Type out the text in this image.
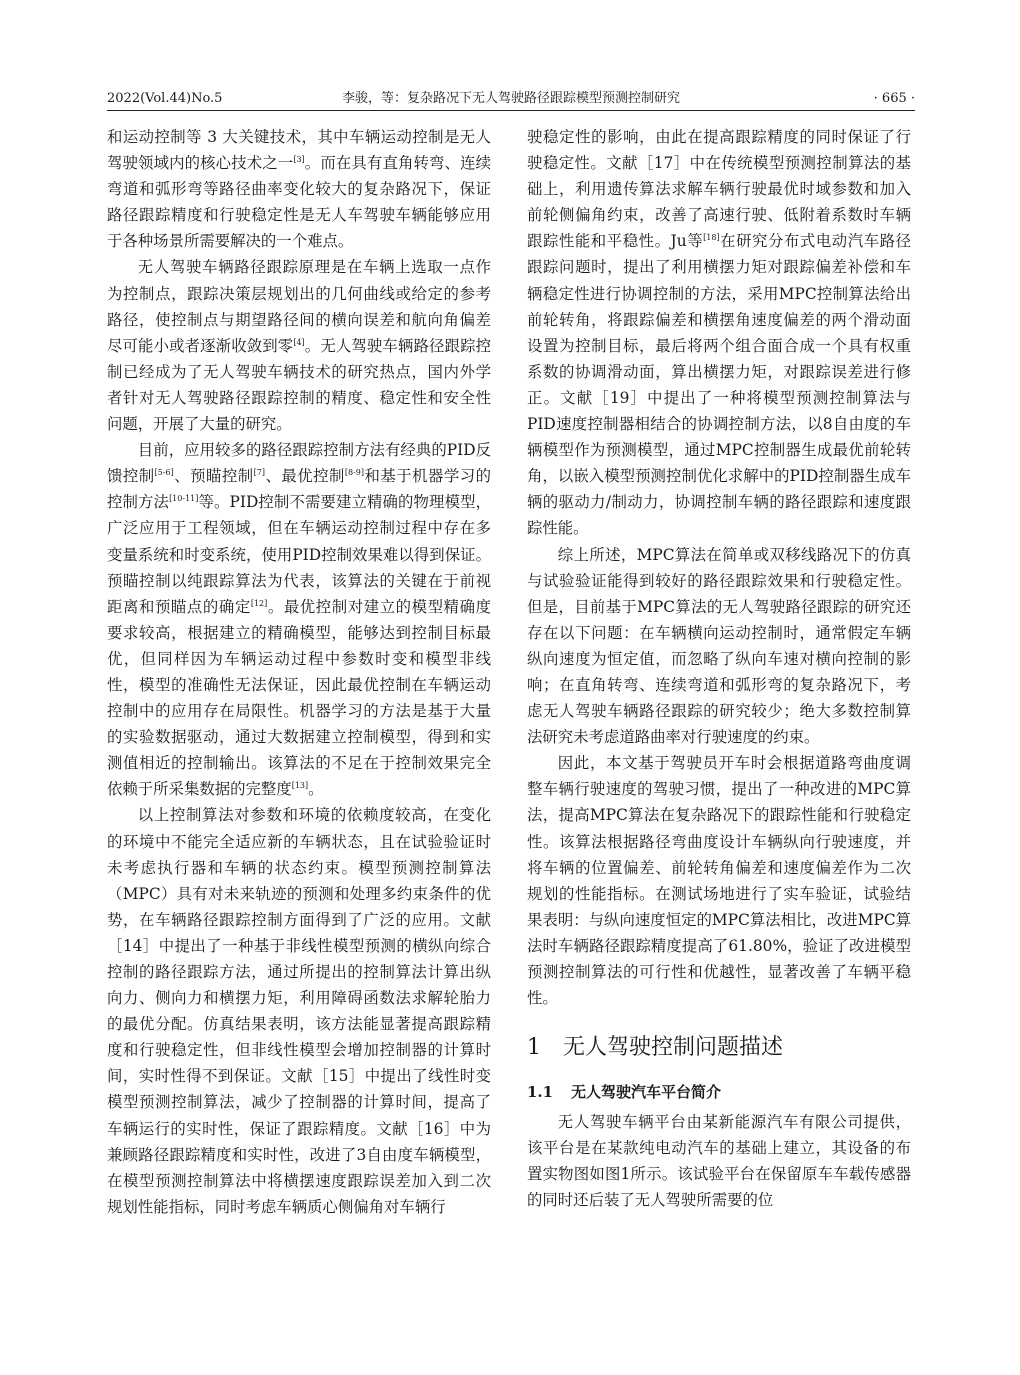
2022(Vol.44)No.5	李骏，等：复杂路况下无人驾驶路径跟踪模型预测控制研究	· 665 ·

和运动控制等 3 大关键技术，其中车辆运动控制是无人驾驶领域内的核心技术之一[3]。而在具有直角转弯、连续弯道和弧形弯等路径曲率变化较大的复杂路况下，保证路径跟踪精度和行驶稳定性是无人车驾驶车辆能够应用于各种场景所需要解决的一个难点。

无人驾驶车辆路径跟踪原理是在车辆上选取一点作为控制点，跟踪决策层规划出的几何曲线或给定的参考路径，使控制点与期望路径间的横向误差和航向角偏差尽可能小或者逐渐收敛到零[4]。无人驾驶车辆路径跟踪控制已经成为了无人驾驶车辆技术的研究热点，国内外学者针对无人驾驶路径跟踪控制的精度、稳定性和安全性问题，开展了大量的研究。

目前，应用较多的路径跟踪控制方法有经典的PID反馈控制[5-6]、预瞄控制[7]、最优控制[8-9]和基于机器学习的控制方法[10-11]等。PID控制不需要建立精确的物理模型，广泛应用于工程领域，但在车辆运动控制过程中存在多变量系统和时变系统，使用PID控制效果难以得到保证。预瞄控制以纯跟踪算法为代表，该算法的关键在于前视距离和预瞄点的确定[12]。最优控制对建立的模型精确度要求较高，根据建立的精确模型，能够达到控制目标最优，但同样因为车辆运动过程中参数时变和模型非线性，模型的准确性无法保证，因此最优控制在车辆运动控制中的应用存在局限性。机器学习的方法是基于大量的实验数据驱动，通过大数据建立控制模型，得到和实测值相近的控制输出。该算法的不足在于控制效果完全依赖于所采集数据的完整度[13]。

以上控制算法对参数和环境的依赖度较高，在变化的环境中不能完全适应新的车辆状态，且在试验验证时未考虑执行器和车辆的状态约束。模型预测控制算法（MPC）具有对未来轨迹的预测和处理多约束条件的优势，在车辆路径跟踪控制方面得到了广泛的应用。文献［14］中提出了一种基于非线性模型预测的横纵向综合控制的路径跟踪方法，通过所提出的控制算法计算出纵向力、侧向力和横摆力矩，利用障碍函数法求解轮胎力的最优分配。仿真结果表明，该方法能显著提高跟踪精度和行驶稳定性，但非线性模型会增加控制器的计算时间，实时性得不到保证。文献［15］中提出了线性时变模型预测控制算法，减少了控制器的计算时间，提高了车辆运行的实时性，保证了跟踪精度。文献［16］中为兼顾路径跟踪精度和实时性，改进了3自由度车辆模型，在模型预测控制算法中将横摆速度跟踪误差加入到二次规划性能指标，同时考虑车辆质心侧偏角对车辆行

驶稳定性的影响，由此在提高跟踪精度的同时保证了行驶稳定性。文献［17］中在传统模型预测控制算法的基础上，利用遗传算法求解车辆行驶最优时域参数和加入前轮侧偏角约束，改善了高速行驶、低附着系数时车辆跟踪性能和平稳性。Ju等[18]在研究分布式电动汽车路径跟踪问题时，提出了利用横摆力矩对跟踪偏差补偿和车辆稳定性进行协调控制的方法，采用MPC控制算法给出前轮转角，将跟踪偏差和横摆角速度偏差的两个滑动面设置为控制目标，最后将两个组合面合成一个具有权重系数的协调滑动面，算出横摆力矩，对跟踪误差进行修正。文献［19］中提出了一种将模型预测控制算法与PID速度控制器相结合的协调控制方法，以8自由度的车辆模型作为预测模型，通过MPC控制器生成最优前轮转角，以嵌入模型预测控制优化求解中的PID控制器生成车辆的驱动力/制动力，协调控制车辆的路径跟踪和速度跟踪性能。

综上所述，MPC算法在简单或双移线路况下的仿真与试验验证能得到较好的路径跟踪效果和行驶稳定性。但是，目前基于MPC算法的无人驾驶路径跟踪的研究还存在以下问题：在车辆横向运动控制时，通常假定车辆纵向速度为恒定值，而忽略了纵向车速对横向控制的影响；在直角转弯、连续弯道和弧形弯的复杂路况下，考虑无人驾驶车辆路径跟踪的研究较少；绝大多数控制算法研究未考虑道路曲率对行驶速度的约束。

因此，本文基于驾驶员开车时会根据道路弯曲度调整车辆行驶速度的驾驶习惯，提出了一种改进的MPC算法，提高MPC算法在复杂路况下的跟踪性能和行驶稳定性。该算法根据路径弯曲度设计车辆纵向行驶速度，并将车辆的位置偏差、前轮转角偏差和速度偏差作为二次规划的性能指标。在测试场地进行了实车验证，试验结果表明：与纵向速度恒定的MPC算法相比，改进MPC算法时车辆路径跟踪精度提高了61.80%，验证了改进模型预测控制算法的可行性和优越性，显著改善了车辆平稳性。

1 无人驾驶控制问题描述
1.1 无人驾驶汽车平台简介

无人驾驶车辆平台由某新能源汽车有限公司提供，该平台是在某款纯电动汽车的基础上建立，其设备的布置实物图如图1所示。该试验平台在保留原车车载传感器的同时还后装了无人驾驶所需要的位
